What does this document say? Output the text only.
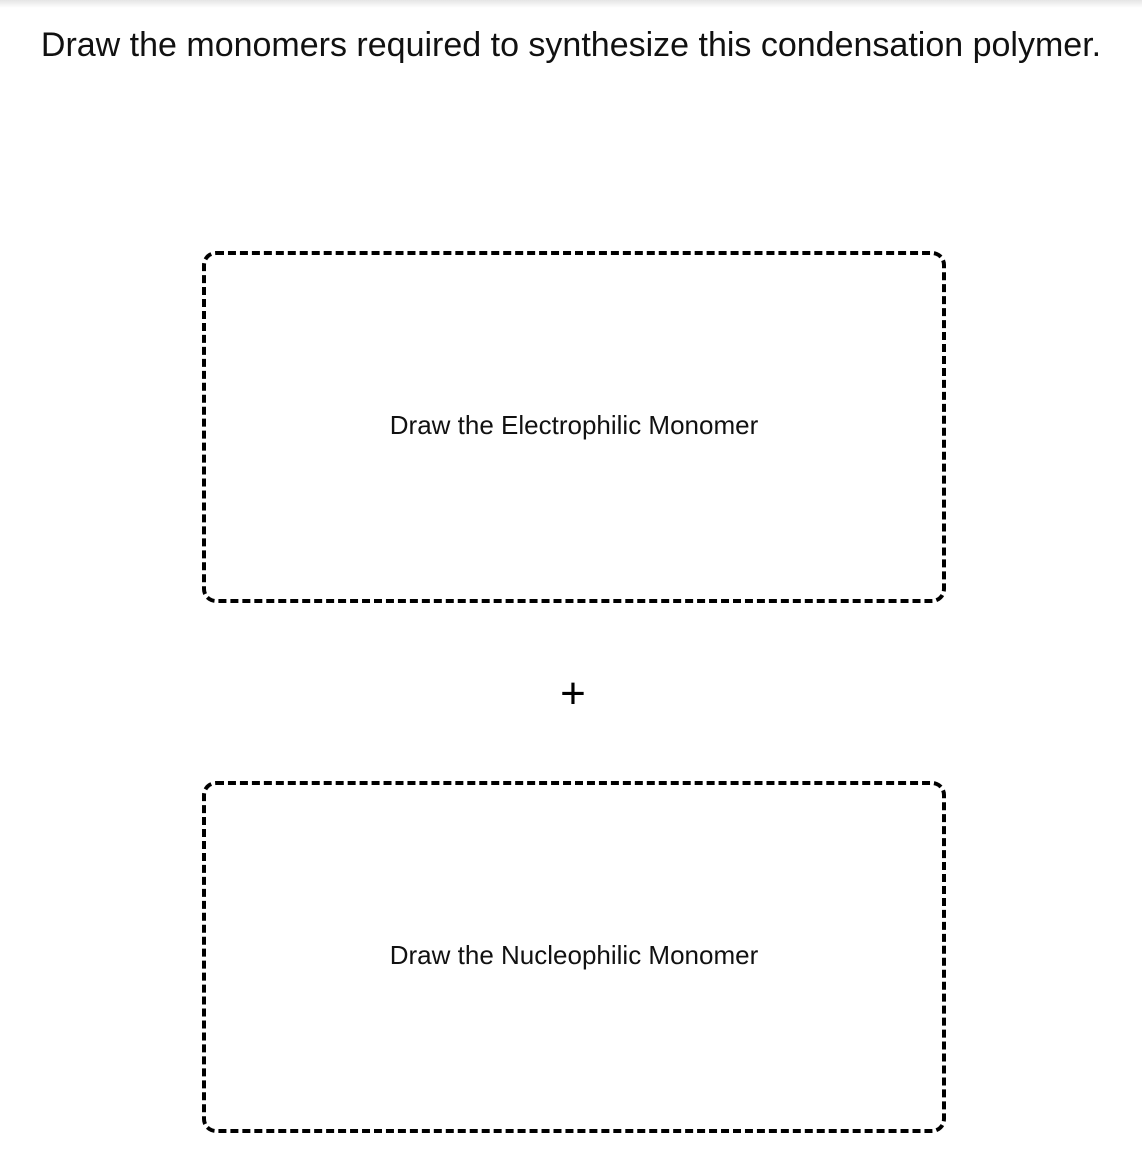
Draw the monomers required to synthesize this condensation polymer.
Draw the Electrophilic Monomer
+
Draw the Nucleophilic Monomer
